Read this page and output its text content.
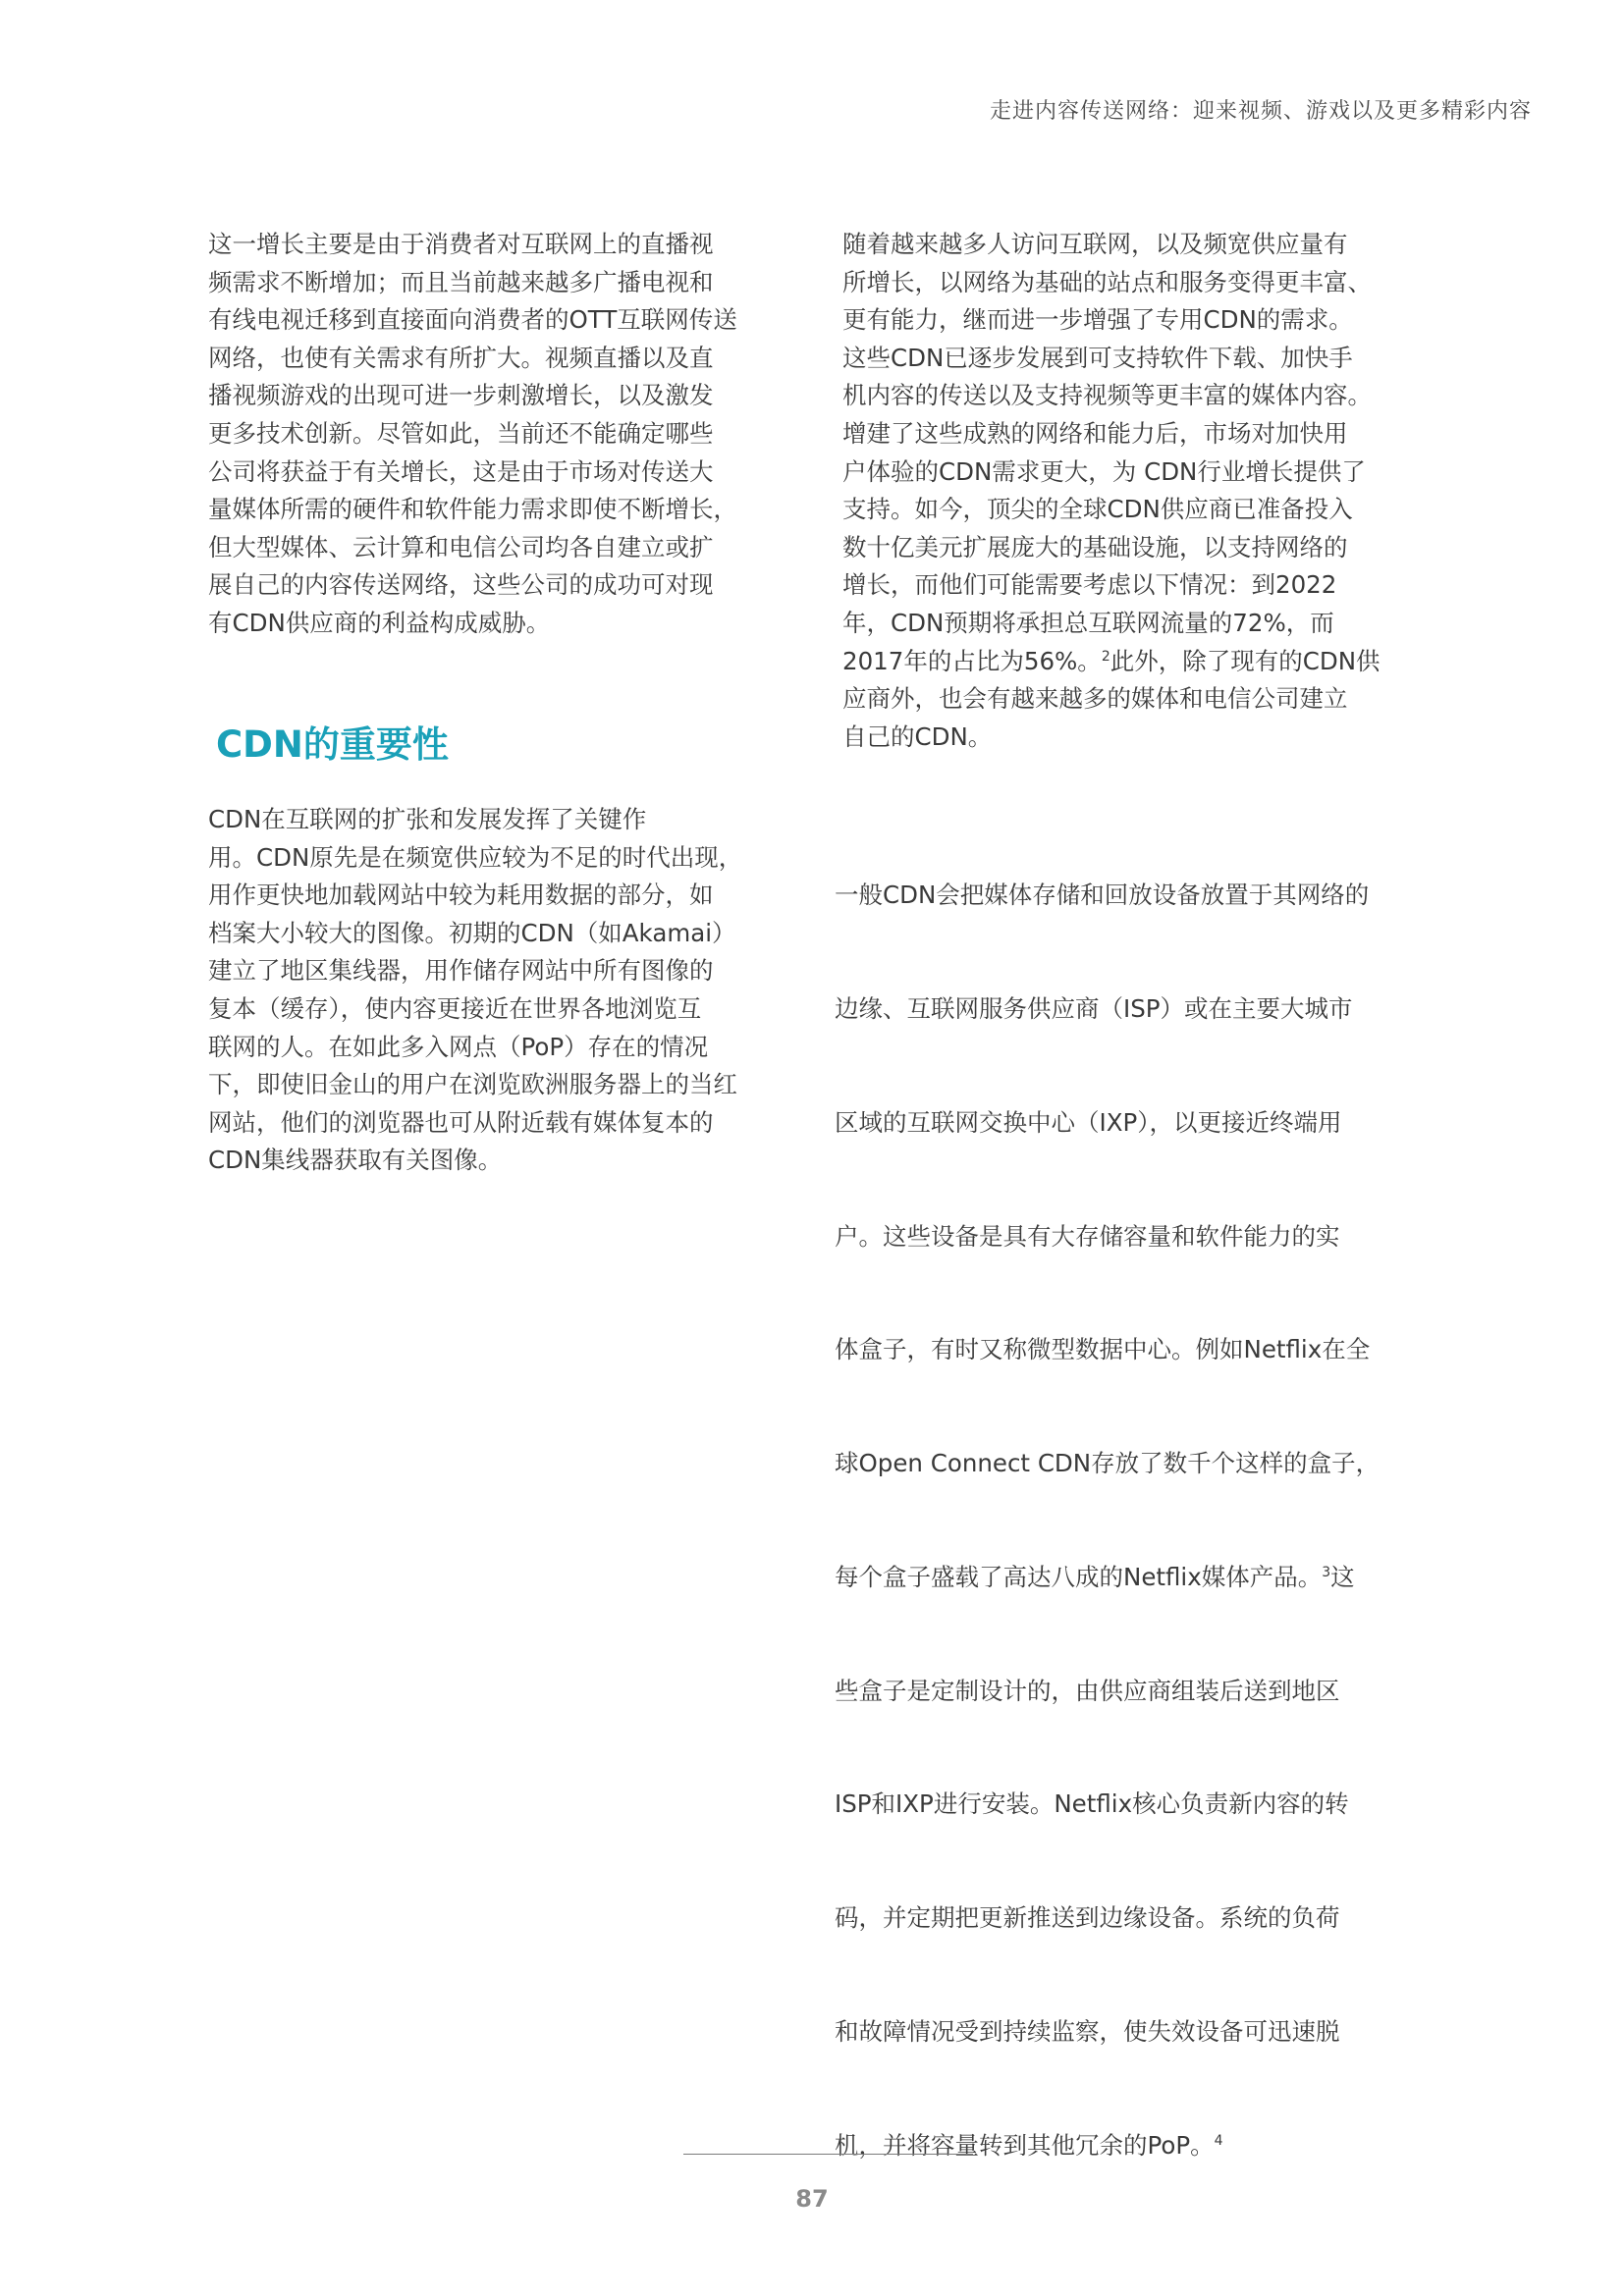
走进内容传送网络：迎来视频、游戏以及更多精彩内容

这一增长主要是由于消费者对互联网上的直播视
频需求不断增加；而且当前越来越多广播电视和
有线电视迁移到直接面向消费者的OTT互联网传送
网络，也使有关需求有所扩大。视频直播以及直
播视频游戏的出现可进一步刺激增长，以及激发
更多技术创新。尽管如此，当前还不能确定哪些
公司将获益于有关增长，这是由于市场对传送大
量媒体所需的硬件和软件能力需求即使不断增长，
但大型媒体、云计算和电信公司均各自建立或扩
展自己的内容传送网络，这些公司的成功可对现
有CDN供应商的利益构成威胁。

CDN的重要性

CDN在互联网的扩张和发展发挥了关键作
用。CDN原先是在频宽供应较为不足的时代出现，
用作更快地加载网站中较为耗用数据的部分，如
档案大小较大的图像。初期的CDN（如Akamai）
建立了地区集线器，用作储存网站中所有图像的
复本（缓存），使内容更接近在世界各地浏览互
联网的人。在如此多入网点（PoP）存在的情况
下，即使旧金山的用户在浏览欧洲服务器上的当红
网站，他们的浏览器也可从附近载有媒体复本的
CDN集线器获取有关图像。

随着越来越多人访问互联网，以及频宽供应量有
所增长，以网络为基础的站点和服务变得更丰富、
更有能力，继而进一步增强了专用CDN的需求。
这些CDN已逐步发展到可支持软件下载、加快手
机内容的传送以及支持视频等更丰富的媒体内容。
增建了这些成熟的网络和能力后，市场对加快用
户体验的CDN需求更大，为 CDN行业增长提供了
支持。如今，顶尖的全球CDN供应商已准备投入
数十亿美元扩展庞大的基础设施，以支持网络的
增长，而他们可能需要考虑以下情况：到2022
年，CDN预期将承担总互联网流量的72%，而
2017年的占比为56%。$^2$此外，除了现有的CDN供
应商外，也会有越来越多的媒体和电信公司建立
自己的CDN。

一般CDN会把媒体存储和回放设备放置于其网络的

边缘、互联网服务供应商（ISP）或在主要大城市

区域的互联网交换中心（IXP），以更接近终端用

户。这些设备是具有大存储容量和软件能力的实

体盒子，有时又称微型数据中心。例如Netflix在全

球Open Connect CDN存放了数千个这样的盒子，

每个盒子盛载了高达八成的Netflix媒体产品。$^3$这

些盒子是定制设计的，由供应商组装后送到地区

ISP和IXP进行安装。Netflix核心负责新内容的转

码，并定期把更新推送到边缘设备。系统的负荷

和故障情况受到持续监察，使失效设备可迅速脱

机，并将容量转到其他冗余的PoP。$^4$

87
